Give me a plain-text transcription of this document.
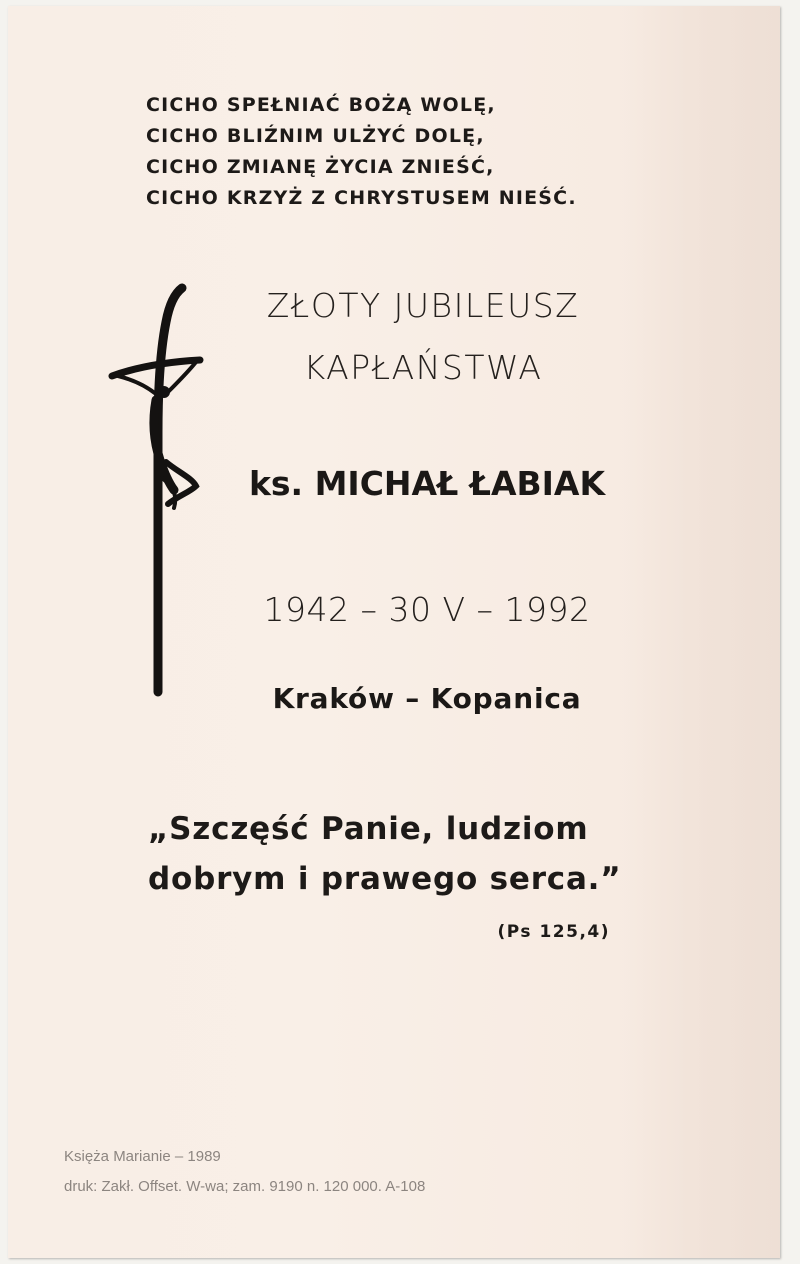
CICHO SPEŁNIAĆ BOŻĄ WOLĘ,
CICHO BLIŹNIM ULŻYĆ DOLĘ,
CICHO ZMIANĘ ŻYCIA ZNIEŚĆ,
CICHO KRZYŻ Z CHRYSTUSEM NIEŚĆ.
ZŁOTY JUBILEUSZ
KAPŁAŃSTWA
ks. MICHAŁ ŁABIAK
1942 – 30 V – 1992
Kraków – Kopanica
„Szczęść Panie, ludziom
dobrym i prawego serca.”
(Ps 125,4)
Księża Marianie – 1989
druk: Zakł. Offset. W-wa; zam. 9190 n. 120 000. A-108
